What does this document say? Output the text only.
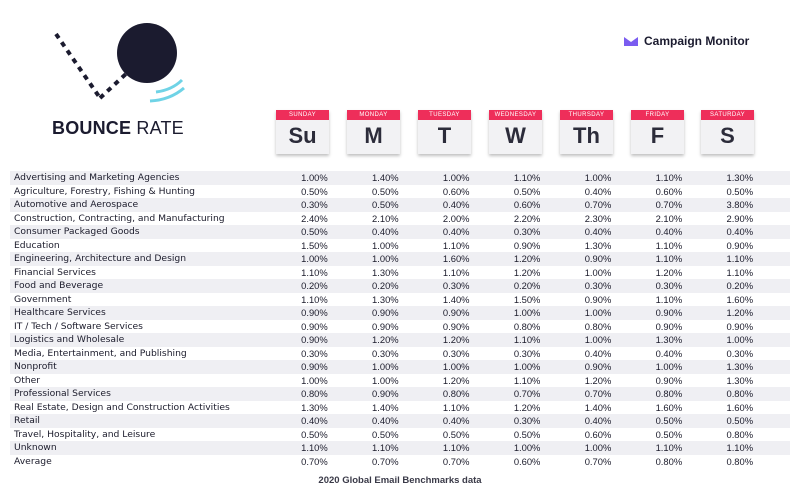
BOUNCE RATE
Campaign Monitor
SUNDAY
Su
MONDAY
M
TUESDAY
T
WEDNESDAY
W
THURSDAY
Th
FRIDAY
F
SATURDAY
S
Advertising and Marketing Agencies	1.00%	1.40%	1.00%	1.10%	1.00%	1.10%	1.30%
Agriculture, Forestry, Fishing & Hunting	0.50%	0.50%	0.60%	0.50%	0.40%	0.60%	0.50%
Automotive and Aerospace	0.30%	0.50%	0.40%	0.60%	0.70%	0.70%	3.80%
Construction, Contracting, and Manufacturing	2.40%	2.10%	2.00%	2.20%	2.30%	2.10%	2.90%
Consumer Packaged Goods	0.50%	0.40%	0.40%	0.30%	0.40%	0.40%	0.40%
Education	1.50%	1.00%	1.10%	0.90%	1.30%	1.10%	0.90%
Engineering, Architecture and Design	1.00%	1.00%	1.60%	1.20%	0.90%	1.10%	1.10%
Financial Services	1.10%	1.30%	1.10%	1.20%	1.00%	1.20%	1.10%
Food and Beverage	0.20%	0.20%	0.30%	0.20%	0.30%	0.30%	0.20%
Government	1.10%	1.30%	1.40%	1.50%	0.90%	1.10%	1.60%
Healthcare Services	0.90%	0.90%	0.90%	1.00%	1.00%	0.90%	1.20%
IT / Tech / Software Services	0.90%	0.90%	0.90%	0.80%	0.80%	0.90%	0.90%
Logistics and Wholesale	0.90%	1.20%	1.20%	1.10%	1.00%	1.30%	1.00%
Media, Entertainment, and Publishing	0.30%	0.30%	0.30%	0.30%	0.40%	0.40%	0.30%
Nonprofit	0.90%	1.00%	1.00%	1.00%	0.90%	1.00%	1.30%
Other	1.00%	1.00%	1.20%	1.10%	1.20%	0.90%	1.30%
Professional Services	0.80%	0.90%	0.80%	0.70%	0.70%	0.80%	0.80%
Real Estate, Design and Construction Activities	1.30%	1.40%	1.10%	1.20%	1.40%	1.60%	1.60%
Retail	0.40%	0.40%	0.40%	0.30%	0.40%	0.50%	0.50%
Travel, Hospitality, and Leisure	0.50%	0.50%	0.50%	0.50%	0.60%	0.50%	0.80%
Unknown	1.10%	1.10%	1.10%	1.00%	1.00%	1.10%	1.10%
Average	0.70%	0.70%	0.70%	0.60%	0.70%	0.80%	0.80%
2020 Global Email Benchmarks data
